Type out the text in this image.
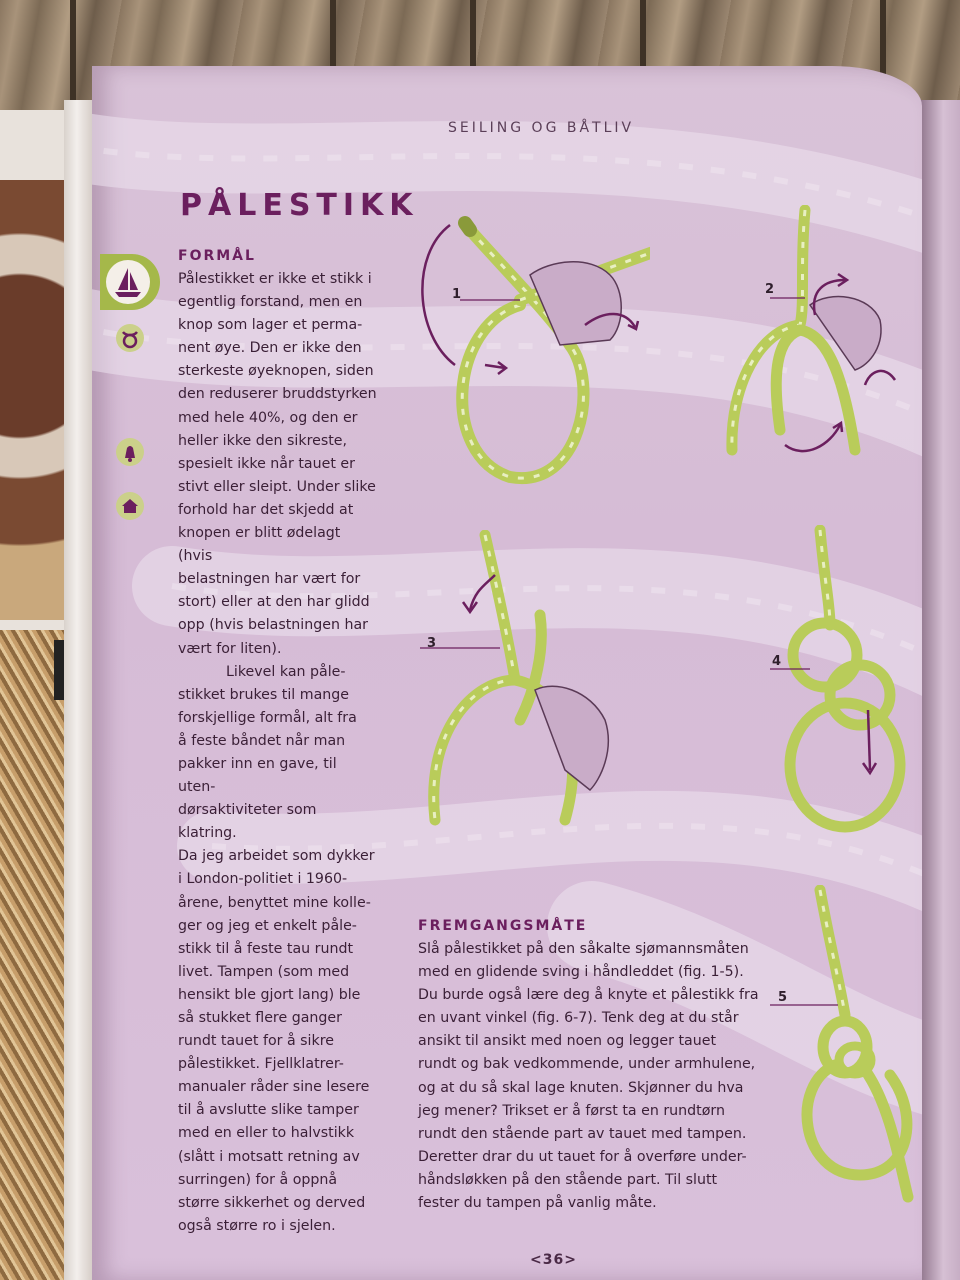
SEILING OG BÅTLIV
PÅLESTIKK
FORMÅL

Pålestikket er ikke et stikk i

egentlig forstand, men en

knop som lager et perma-

nent øye. Den er ikke den

sterkeste øyeknopen, siden

den reduserer bruddstyrken

med hele 40%, og den er

heller ikke den sikreste,

spesielt ikke når tauet er

stivt eller sleipt. Under slike

forhold har det skjedd at

knopen er blitt ødelagt (hvis

belastningen har vært for

stort) eller at den har glidd

opp (hvis belastningen har

vært for liten).

Likevel kan påle-

stikket brukes til mange

forskjellige formål, alt fra

å feste båndet når man

pakker inn en gave, til uten-

dørsaktiviteter som klatring.

Da jeg arbeidet som dykker

i London-politiet i 1960-

årene, benyttet mine kolle-

ger og jeg et enkelt påle-

stikk til å feste tau rundt

livet. Tampen (som med

hensikt ble gjort lang) ble

så stukket flere ganger

rundt tauet for å sikre

pålestikket. Fjellklatrer-

manualer råder sine lesere

til å avslutte slike tamper

med en eller to halvstikk

(slått i motsatt retning av

surringen) for å oppnå

større sikkerhet og derved

også større ro i sjelen.

FREMGANGSMÅTE

Slå pålestikket på den såkalte sjømannsmåten

med en glidende sving i håndleddet (fig. 1-5).

Du burde også lære deg å knyte et pålestikk fra

en uvant vinkel (fig. 6-7). Tenk deg at du står

ansikt til ansikt med noen og legger tauet

rundt og bak vedkommende, under armhulene,

og at du så skal lage knuten. Skjønner du hva

jeg mener? Trikset er å først ta en rundtørn

rundt den stående part av tauet med tampen.

Deretter drar du ut tauet for å overføre under-

håndsløkken på den stående part. Til slutt

fester du tampen på vanlig måte.

1	2
3
4
5
<36>
